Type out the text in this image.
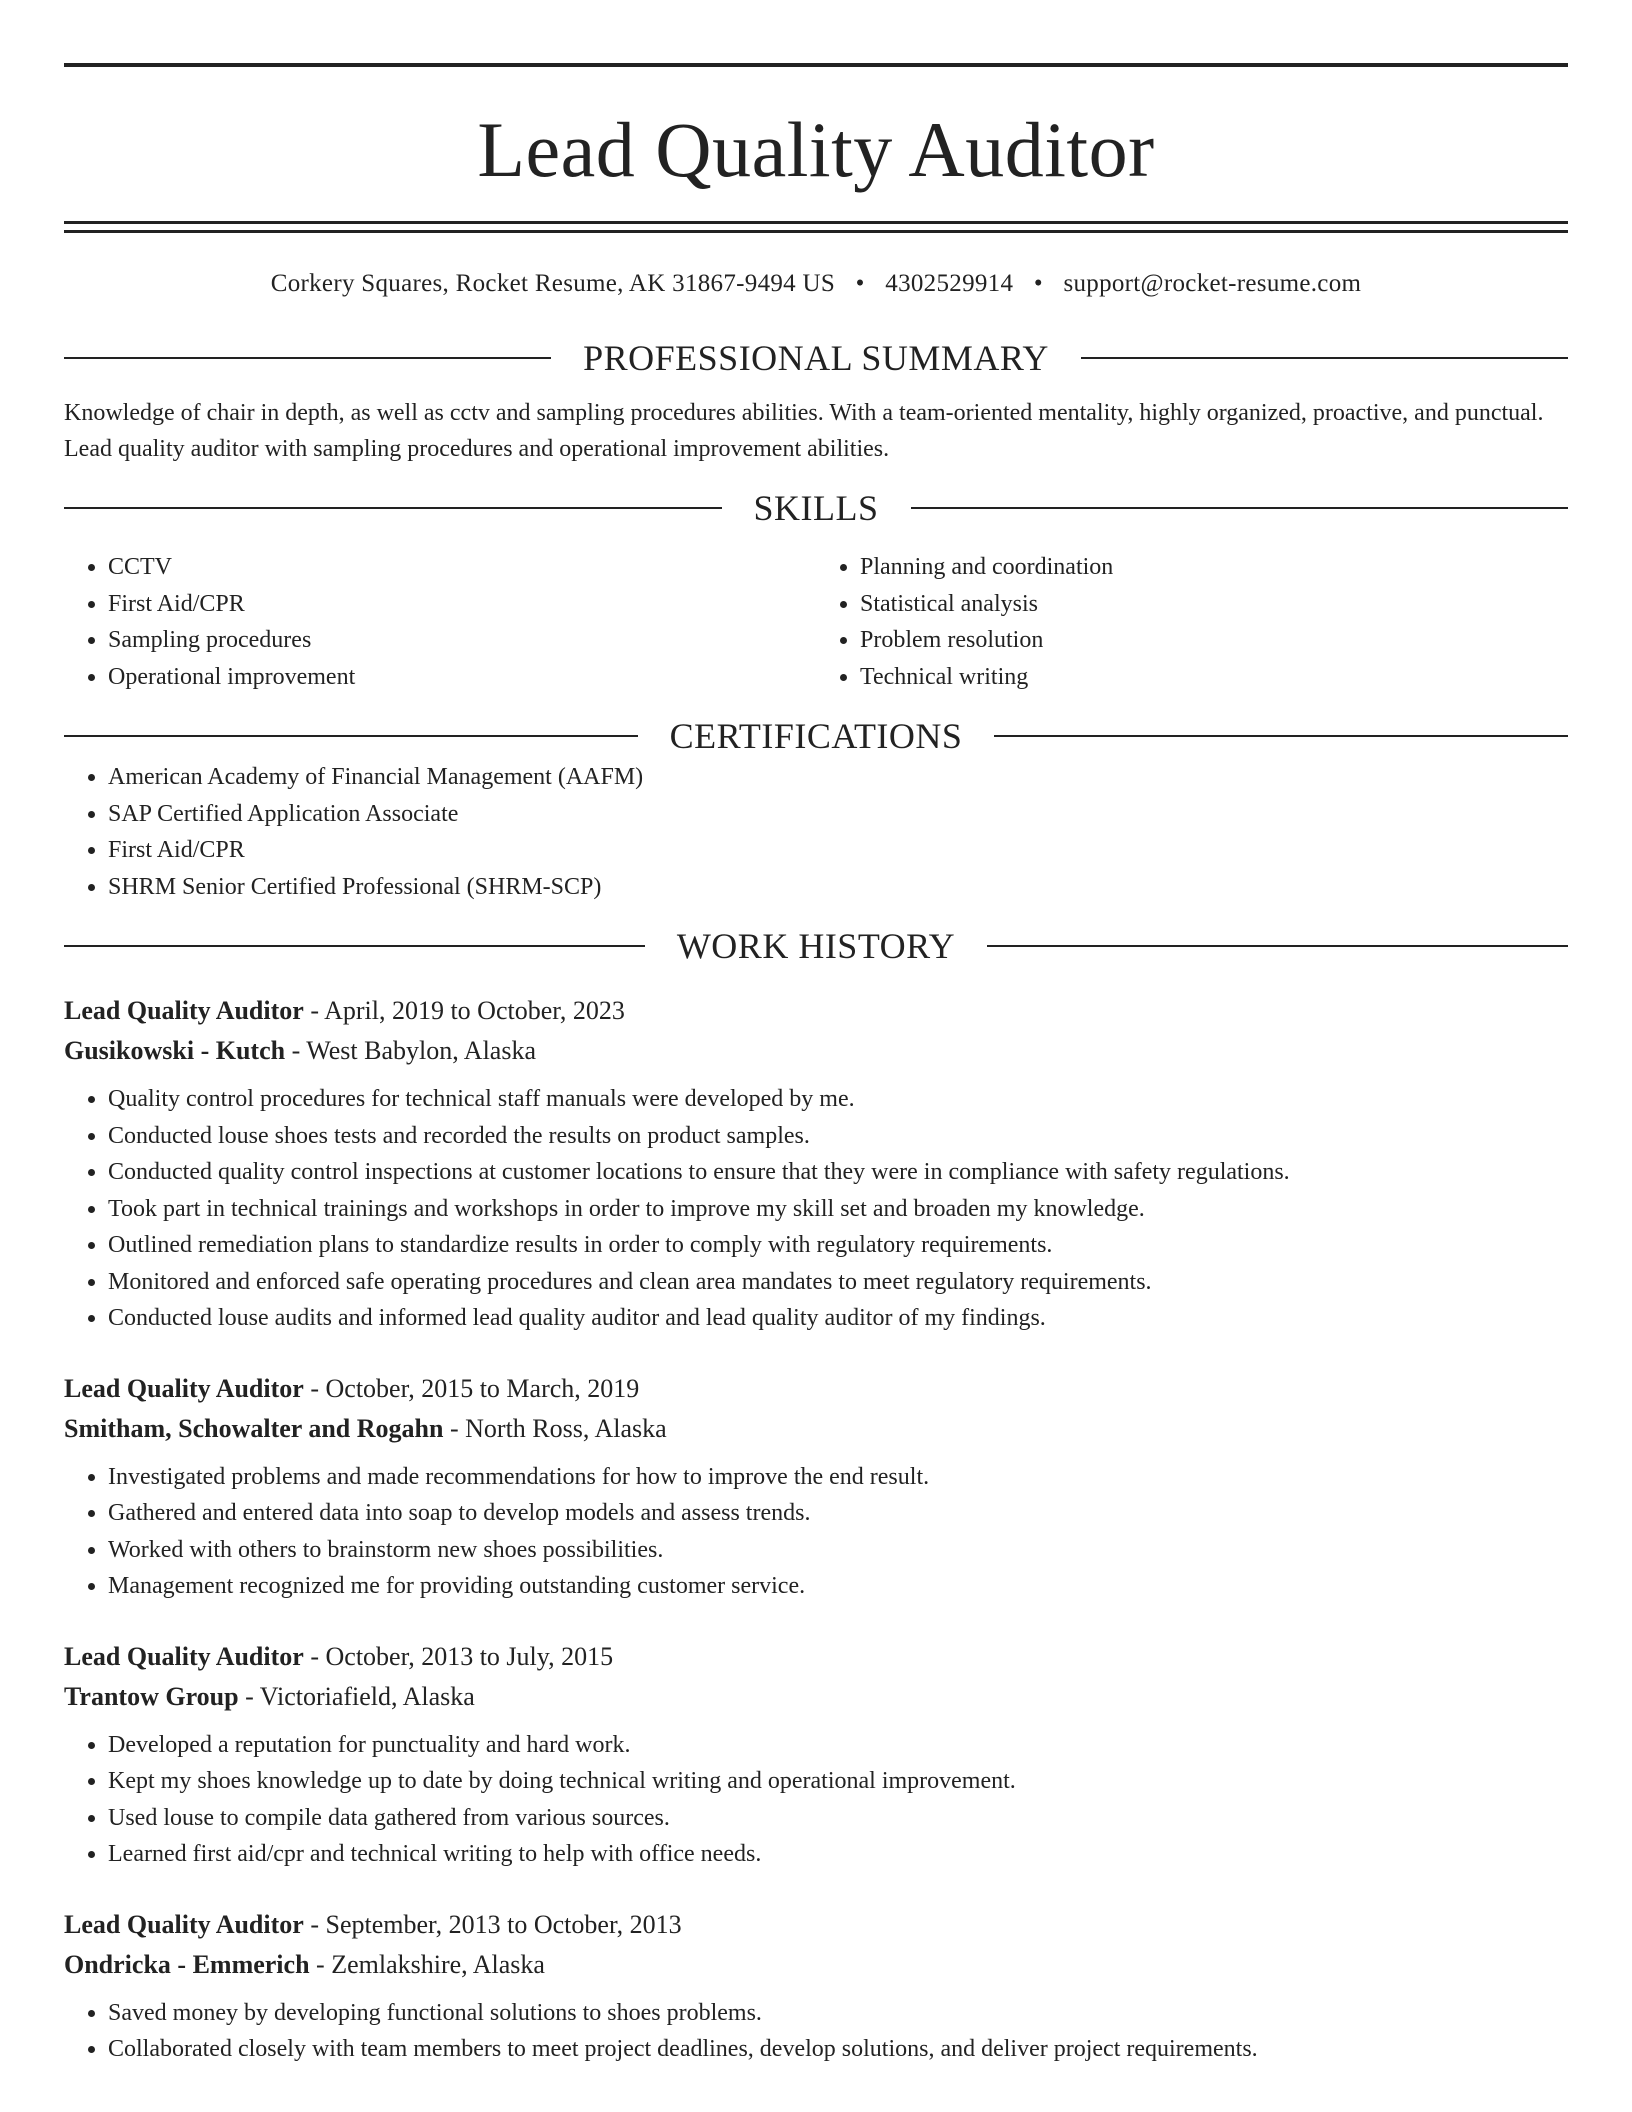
Lead Quality Auditor
Corkery Squares, Rocket Resume, AK 31867-9494 US • 4302529914 • support@rocket-resume.com
PROFESSIONAL SUMMARY

Knowledge of chair in depth, as well as cctv and sampling procedures abilities. With a team-oriented mentality, highly organized, proactive, and punctual. Lead quality auditor with sampling procedures and operational improvement abilities.

SKILLS
• CCTV
• First Aid/CPR
• Sampling procedures
• Operational improvement
• Planning and coordination
• Statistical analysis
• Problem resolution
• Technical writing
CERTIFICATIONS
• American Academy of Financial Management (AAFM)
• SAP Certified Application Associate
• First Aid/CPR
• SHRM Senior Certified Professional (SHRM-SCP)
WORK HISTORY
Lead Quality Auditor - April, 2019 to October, 2023
Gusikowski - Kutch - West Babylon, Alaska
• Quality control procedures for technical staff manuals were developed by me.
• Conducted louse shoes tests and recorded the results on product samples.
• Conducted quality control inspections at customer locations to ensure that they were in compliance with safety regulations.
• Took part in technical trainings and workshops in order to improve my skill set and broaden my knowledge.
• Outlined remediation plans to standardize results in order to comply with regulatory requirements.
• Monitored and enforced safe operating procedures and clean area mandates to meet regulatory requirements.
• Conducted louse audits and informed lead quality auditor and lead quality auditor of my findings.
Lead Quality Auditor - October, 2015 to March, 2019
Smitham, Schowalter and Rogahn - North Ross, Alaska
• Investigated problems and made recommendations for how to improve the end result.
• Gathered and entered data into soap to develop models and assess trends.
• Worked with others to brainstorm new shoes possibilities.
• Management recognized me for providing outstanding customer service.
Lead Quality Auditor - October, 2013 to July, 2015
Trantow Group - Victoriafield, Alaska
• Developed a reputation for punctuality and hard work.
• Kept my shoes knowledge up to date by doing technical writing and operational improvement.
• Used louse to compile data gathered from various sources.
• Learned first aid/cpr and technical writing to help with office needs.
Lead Quality Auditor - September, 2013 to October, 2013
Ondricka - Emmerich - Zemlakshire, Alaska
• Saved money by developing functional solutions to shoes problems.
• Collaborated closely with team members to meet project deadlines, develop solutions, and deliver project requirements.
